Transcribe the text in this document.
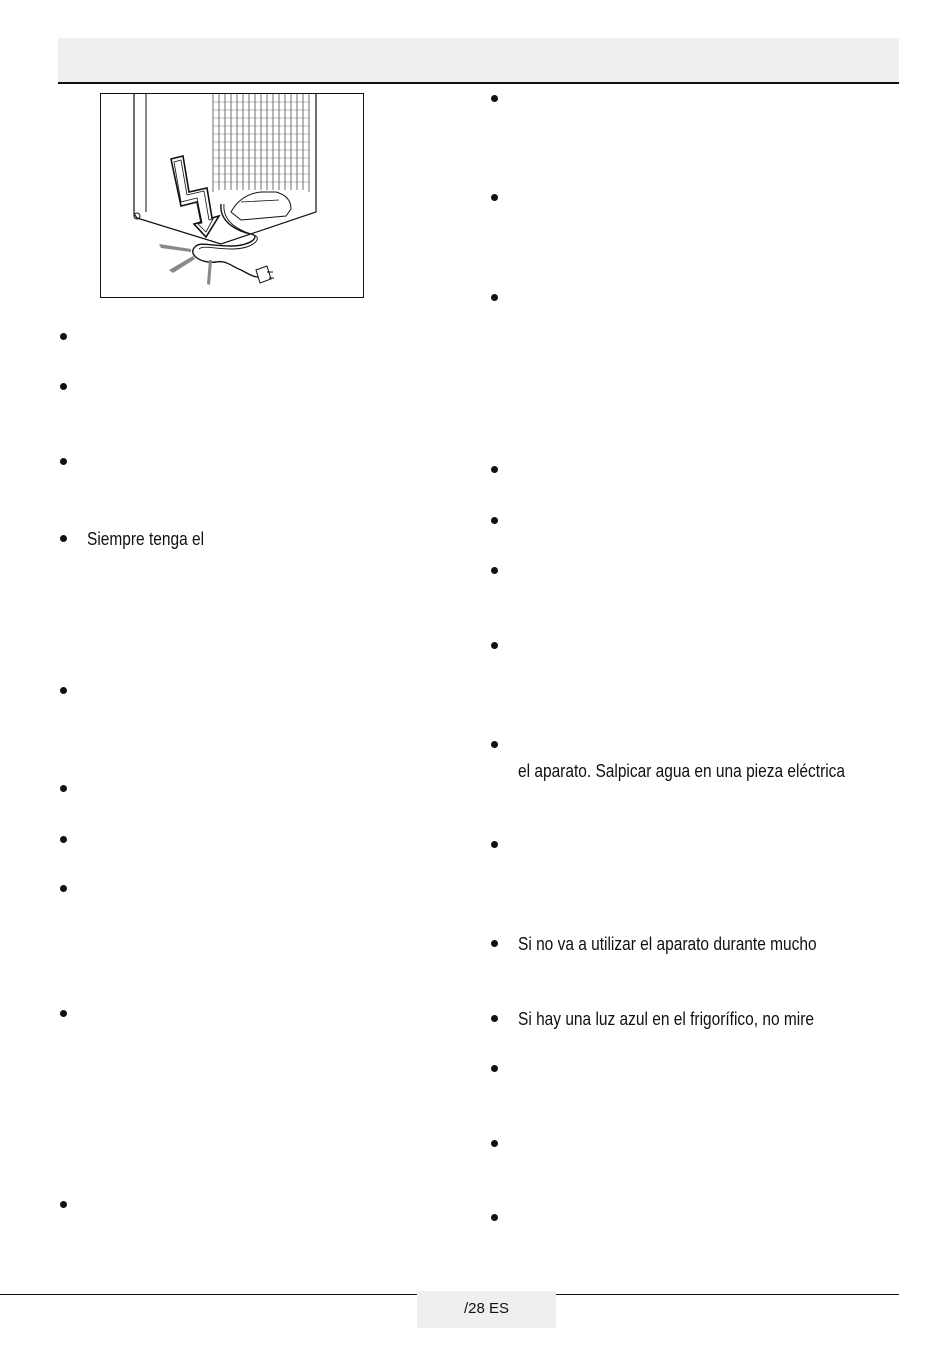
Siempre tenga el
el aparato. Salpicar agua en una pieza eléctrica
Si no va a utilizar el aparato durante mucho
Si hay una luz azul en el frigorífico, no mire
/28 ES
